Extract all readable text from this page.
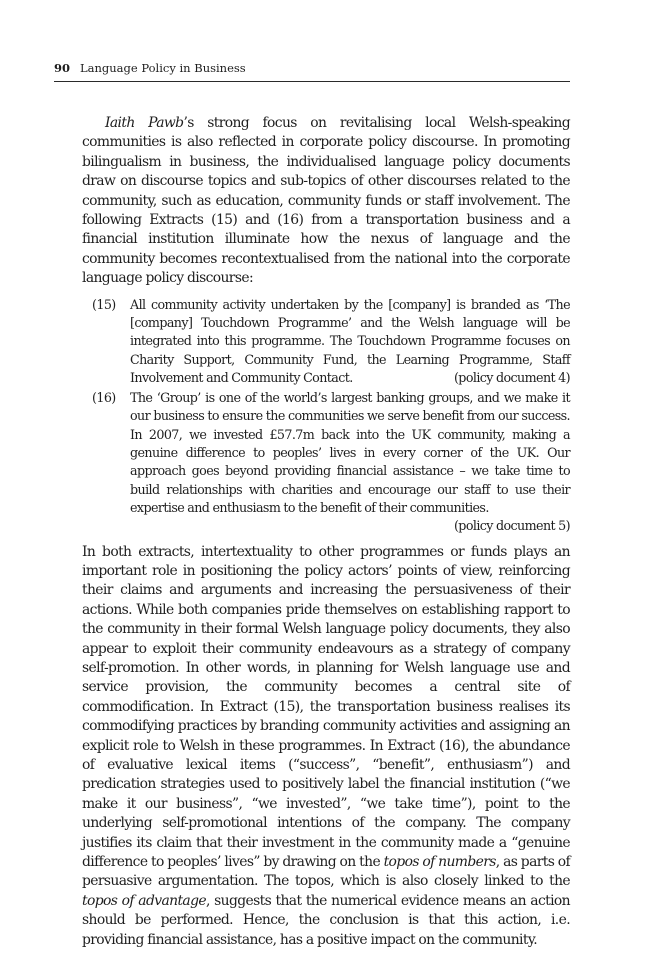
90 Language Policy in Business

Iaith Pawb’s strong focus on revitalising local Welsh-speaking communities is also reflected in corporate policy discourse. In promoting bilingualism in business, the individualised language policy documents draw on discourse topics and sub-topics of other discourses related to the community, such as education, community funds or staff involvement. The following Extracts (15) and (16) from a transportation business and a financial institution illuminate how the nexus of language and the community becomes recontextualised from the national into the corporate language policy discourse:

(15) All community activity undertaken by the [company] is branded as ‘The [company] Touchdown Programme’ and the Welsh language will be integrated into this programme. The Touchdown Programme focuses on Charity Support, Community Fund, the Learning Programme, Staff Involvement and Community Contact.	(policy document 4)

(16) The ‘Group’ is one of the world’s largest banking groups, and we make it our business to ensure the communities we serve benefit from our success. In 2007, we invested £57.7m back into the UK community, making a genuine difference to peoples’ lives in every corner of the UK. Our approach goes beyond providing financial assistance – we take time to build relationships with charities and encourage our staff to use their expertise and enthusiasm to the benefit of their communities.
(policy document 5)

In both extracts, intertextuality to other programmes or funds plays an important role in positioning the policy actors’ points of view, reinforcing their claims and arguments and increasing the persuasiveness of their actions. While both companies pride themselves on establishing rapport to the community in their formal Welsh language policy documents, they also appear to exploit their community endeavours as a strategy of company self-promotion. In other words, in planning for Welsh language use and service provision, the community becomes a central site of commodification. In Extract (15), the transportation business realises its commodifying practices by branding community activities and assigning an explicit role to Welsh in these programmes. In Extract (16), the abundance of evaluative lexical items (“success”, “benefit”, enthusiasm”) and predication strategies used to positively label the financial institution (“we make it our business”, “we invested”, “we take time”), point to the underlying self-promotional intentions of the company. The company justifies its claim that their investment in the community made a “genuine difference to peoples’ lives” by drawing on the topos of numbers, as parts of persuasive argumentation. The topos, which is also closely linked to the topos of advantage, suggests that the numerical evidence means an action should be performed. Hence, the conclusion is that this action, i.e. providing financial assistance, has a positive impact on the community.
